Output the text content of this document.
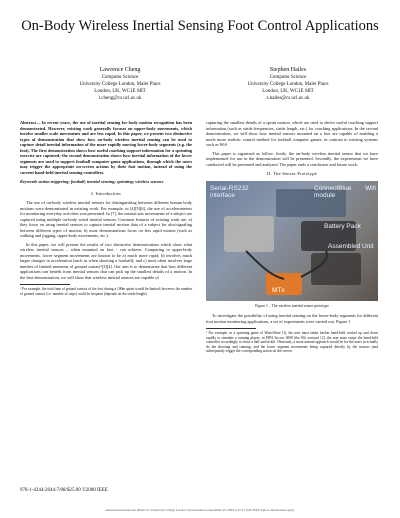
On-Body Wireless Inertial Sensing Foot Control Applications
Lawrence Cheng
Computer Science
University College London, Malet Place
London, UK, WC1E 6BT
l.cheng@cs.ucl.ac.uk
Stephen Hailes
Computer Science
University College London, Malet Place
London, UK, WC1E 6BT
s.hailes@cs.ucl.ac.uk

Abstract— In recent years, the use of inertial sensing for body motion recognition has been demonstrated. However, existing work generally focuses on upper-body movements, which involve smaller scale movements and are less rapid. In this paper, we present two distinctive types of demonstration that show how on-body wireless inertial sensing can be used to capture detail inertial information of the more rapidly moving lower-body segments (e.g. the foot). The first demonstration shows how useful coaching support information for a sprinting exercise are captured; the second demonstration shows how inertial information of the lower segments are used to support football computer game applications, through which the users may trigger the appropriate on-screen actions by their foot motion, instead of using the current hand-held inertial sensing controllers.

Keywords-action triggering; football; inertial sensing; sprinting; wireless sensors

I. Introduction

The use of on-body wireless inertial sensors for distinguishing between different human body motions were demonstrated in existing work. For example, in [4][5][6], the use of accelerometers for monitoring everyday activities was presented. In [7], the martial arts movements of a subject are captured using multiple on-body wired inertial sensors. Common features of existing work are: a) they focus on using inertial sensors to capture inertial motion data of a subject for also/signaling between different types of motion; b) most demonstrations focus on less rapid motion (such as walking and jogging, upper-body movements, etc.).

In this paper, we will present the results of two distinctive demonstrations which show what wireless inertial sensors – when mounted on foot - can achieve. Comparing to upper-body movements, lower segment movements are known to be a) much more rapid; b) involves much larger changes in acceleration (such as when shooting a football); and c) most often involves large number of limited moments of ground contact¹[3][4]. Our aim is to demonstrate that how different applications can benefit from inertial sensors that can pick up the smallest details of a motion. In the first demonstration, we will show that wireless inertial sensors are capable of

¹ For example, the total time of ground contact of the foot during a 100m sprint would be limited; however, the number of ground contact (i.e. number of steps) could be frequent (depends on the stride length).

capturing the smallest details of a sprint motion, which are used to derive useful coaching support information (such as stride frequencies, stride length, etc.) for coaching applications. In the second demonstration, we will show how inertial sensors mounted on a foot are capable of enabling a much more realistic control method for football computer games, in contrast to existing systems such as Wii².

This paper is organized as follow: firstly, the on-body wireless inertial sensor that we have implemented for use in the demonstration will be presented. Secondly, the experiments we have conducted will be presented and analysed. The paper ends a conclusion and future work.

II. The Sensor Prototype
Serial-RS232 interface
ConnectBlue Wifi module
Battery Pack
Assembled Unit
MTx
Figure 1 – The wireless inertial sensor prototype

To investigate the possibility of using inertial sensing on the lower-body segments for different foot motion monitoring applications, a set of experiments were carried out. Figure 1

² For example, in a sprinting game of WarioWare [1], the user must shake his/her hand-held control up and down rapidly to simulate a running player; in FIFA Soccer 2008 (the Wii version) [2], the user must swipe the hand-held controller accordingly to shoot a ball and tackle. Obviously, a more natural approach would be for the users to actually do the shooting and running, and the lower segment movements being captured directly by the sensors (and subsequently trigger the corresponding action on the screen.

978-1-4244-2644-7/08/$25.00 ©2008 IEEE
Authorized licensed use limited to: University College London. Downloaded on September 23, 2009 at 07:17 from IEEE Xplore. Restrictions apply.
